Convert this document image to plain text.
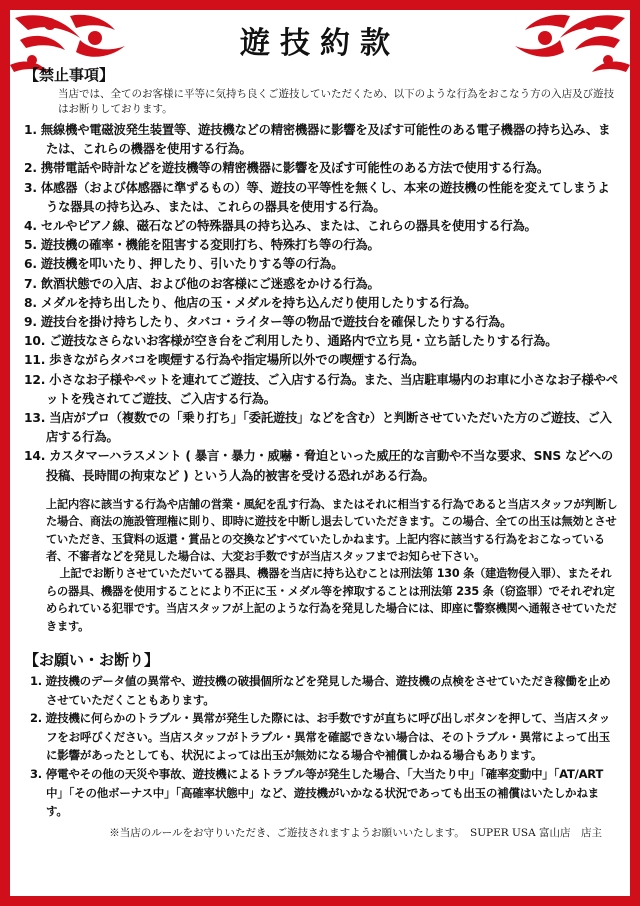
遊技約款
【禁止事項】
当店では、全てのお客様に平等に気持ち良くご遊技していただくため、以下のような行為をおこなう方の入店及び遊技はお断りしております。
1. 無線機や電磁波発生装置等、遊技機などの精密機器に影響を及ぼす可能性のある電子機器の持ち込み、または、これらの機器を使用する行為。
2. 携帯電話や時計などを遊技機等の精密機器に影響を及ぼす可能性のある方法で使用する行為。
3. 体感器（および体感器に準ずるもの）等、遊技の平等性を無くし、本来の遊技機の性能を変えてしまうような器具の持ち込み、または、これらの器具を使用する行為。
4. セルやピアノ線、磁石などの特殊器具の持ち込み、または、これらの器具を使用する行為。
5. 遊技機の確率・機能を阻害する変則打ち、特殊打ち等の行為。
6. 遊技機を叩いたり、押したり、引いたりする等の行為。
7. 飲酒状態での入店、および他のお客様にご迷惑をかける行為。
8. メダルを持ち出したり、他店の玉・メダルを持ち込んだり使用したりする行為。
9. 遊技台を掛け持ちしたり、タバコ・ライター等の物品で遊技台を確保したりする行為。
10. ご遊技なさらないお客様が空き台をご利用したり、通路内で立ち見・立ち話したりする行為。
11. 歩きながらタバコを喫煙する行為や指定場所以外での喫煙する行為。
12. 小さなお子様やペットを連れてご遊技、ご入店する行為。また、当店駐車場内のお車に小さなお子様やペットを残されてご遊技、ご入店する行為。
13. 当店がプロ（複数での「乗り打ち」「委託遊技」などを含む）と判断させていただいた方のご遊技、ご入店する行為。
14. カスタマーハラスメント ( 暴言・暴力・威嚇・脅迫といった威圧的な言動や不当な要求、SNS などへの投稿、長時間の拘束など ) という人為的被害を受ける恐れがある行為。

上記内容に該当する行為や店舗の営業・風紀を乱す行為、またはそれに相当する行為であると当店スタッフが判断した場合、商法の施設管理権に則り、即時に遊技を中断し退去していただきます。この場合、全ての出玉は無効とさせていただき、玉貸料の返還・賞品との交換などすべていたしかねます。上記内容に該当する行為をおこなっている者、不審者などを発見した場合は、大変お手数ですが当店スタッフまでお知らせ下さい。

上記でお断りさせていただいてる器具、機器を当店に持ち込むことは刑法第 130 条（建造物侵入罪）、またそれらの器具、機器を使用することにより不正に玉・メダル等を搾取することは刑法第 235 条（窃盗罪）でそれぞれ定められている犯罪です。当店スタッフが上記のような行為を発見した場合には、即座に警察機関へ通報させていただきます。

【お願い・お断り】
1. 遊技機のデータ値の異常や、遊技機の破損個所などを発見した場合、遊技機の点検をさせていただき稼働を止めさせていただくこともあります。
2. 遊技機に何らかのトラブル・異常が発生した際には、お手数ですが直ちに呼び出しボタンを押して、当店スタッフをお呼びください。当店スタッフがトラブル・異常を確認できない場合は、そのトラブル・異常によって出玉に影響があったとしても、状況によっては出玉が無効になる場合や補償しかねる場合もあります。
3. 停電やその他の天災や事故、遊技機によるトラブル等が発生した場合、「大当たり中」「確率変動中」「AT/ART 中」「その他ボーナス中」「高確率状態中」など、遊技機がいかなる状況であっても出玉の補償はいたしかねます。
※当店のルールをお守りいただき、ご遊技されますようお願いいたします。　SUPER USA 富山店　店主
